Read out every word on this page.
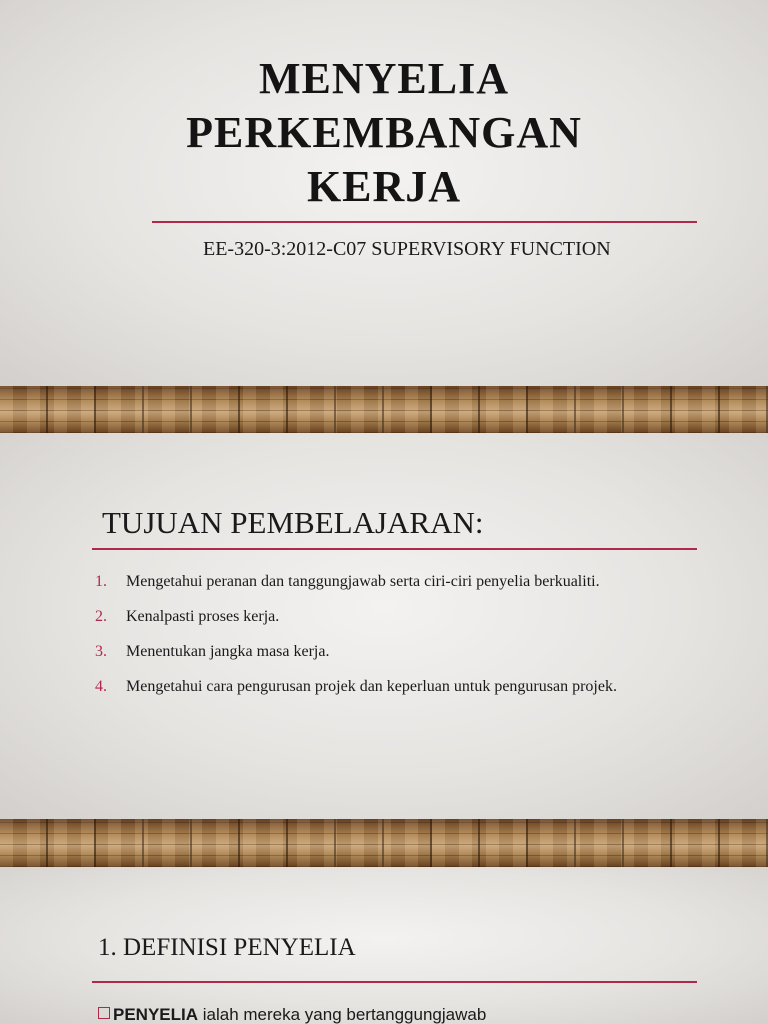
MENYELIA
PERKEMBANGAN
KERJA
EE-320-3:2012-C07 SUPERVISORY FUNCTION
TUJUAN PEMBELAJARAN:
1. Mengetahui peranan dan tanggungjawab serta ciri-ciri penyelia berkualiti.
2. Kenalpasti proses kerja.
3. Menentukan jangka masa kerja.
4. Mengetahui cara pengurusan projek dan keperluan untuk pengurusan projek.
1. DEFINISI PENYELIA
PENYELIA ialah mereka yang bertanggungjawab
